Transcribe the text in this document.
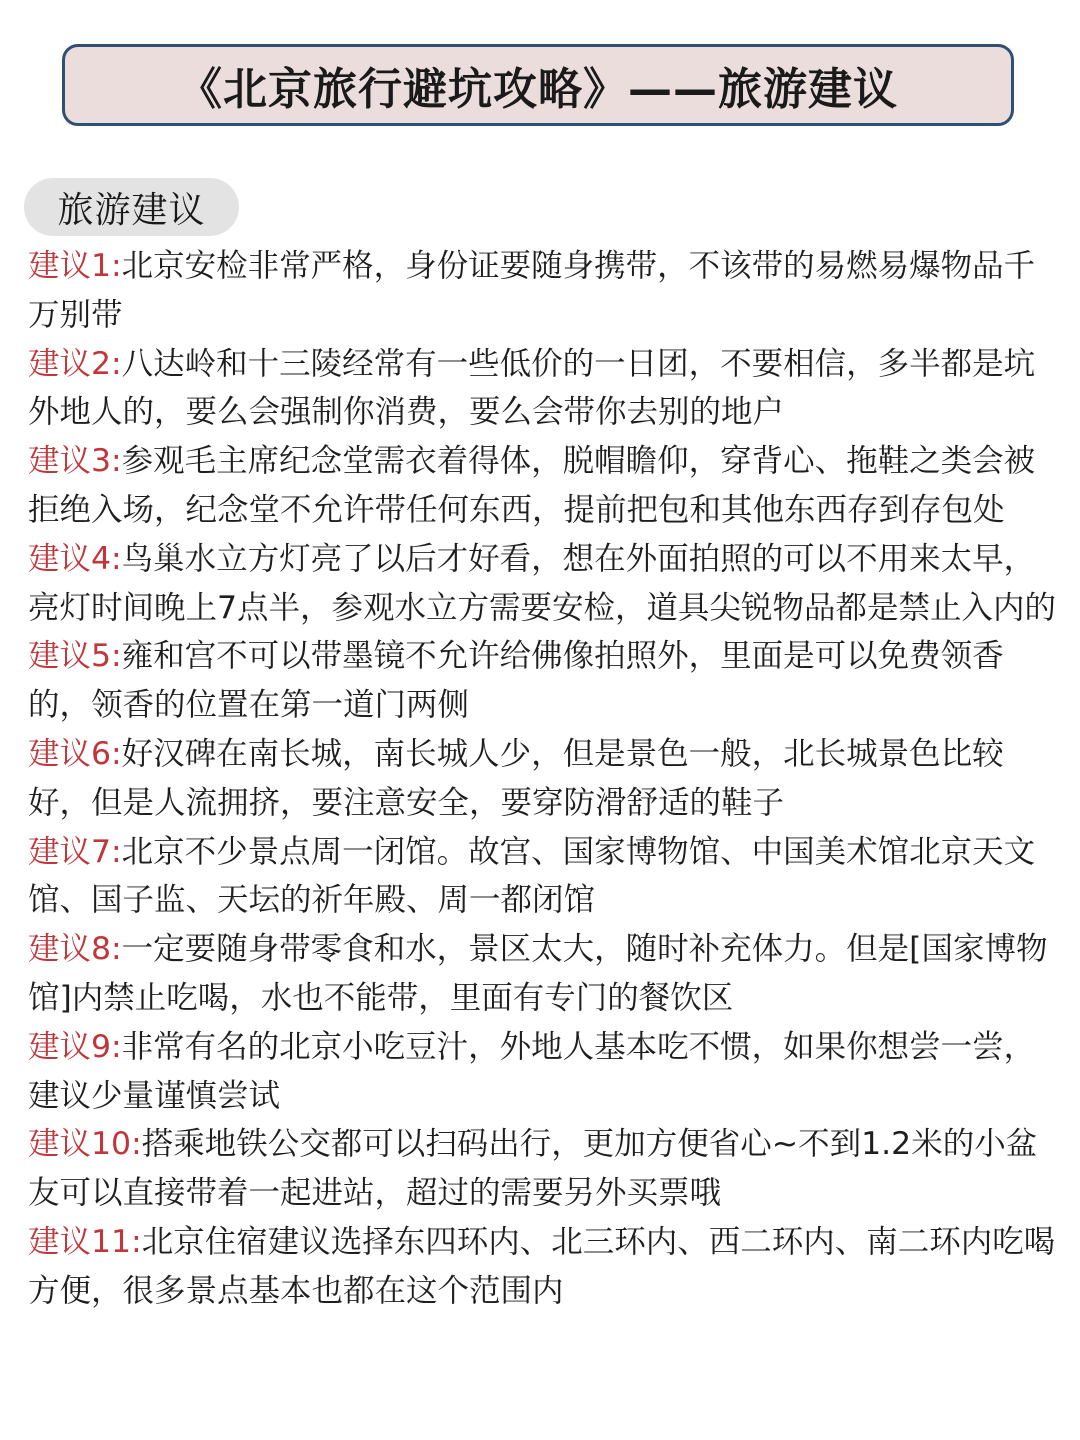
《北京旅行避坑攻略》——旅游建议
旅游建议
建议1:北京安检非常严格，身份证要随身携带，不该带的易燃易爆物品千万别带
建议2:八达岭和十三陵经常有一些低价的一日团，不要相信，多半都是坑外地人的，要么会强制你消费，要么会带你去别的地户
建议3:参观毛主席纪念堂需衣着得体，脱帽瞻仰，穿背心、拖鞋之类会被拒绝入场，纪念堂不允许带任何东西，提前把包和其他东西存到存包处
建议4:鸟巢水立方灯亮了以后才好看，想在外面拍照的可以不用来太早，亮灯时间晚上7点半，参观水立方需要安检，道具尖锐物品都是禁止入内的
建议5:雍和宫不可以带墨镜不允许给佛像拍照外，里面是可以免费领香的，领香的位置在第一道门两侧
建议6:好汉碑在南长城，南长城人少，但是景色一般，北长城景色比较好，但是人流拥挤，要注意安全，要穿防滑舒适的鞋子
建议7:北京不少景点周一闭馆。故宫、国家博物馆、中国美术馆北京天文馆、国子监、天坛的祈年殿、周一都闭馆
建议8:一定要随身带零食和水，景区太大，随时补充体力。但是[国家博物馆]内禁止吃喝，水也不能带，里面有专门的餐饮区
建议9:非常有名的北京小吃豆汁，外地人基本吃不惯，如果你想尝一尝，建议少量谨慎尝试
建议10:搭乘地铁公交都可以扫码出行，更加方便省心~不到1.2米的小盆友可以直接带着一起进站，超过的需要另外买票哦
建议11:北京住宿建议选择东四环内、北三环内、西二环内、南二环内吃喝方便，很多景点基本也都在这个范围内
